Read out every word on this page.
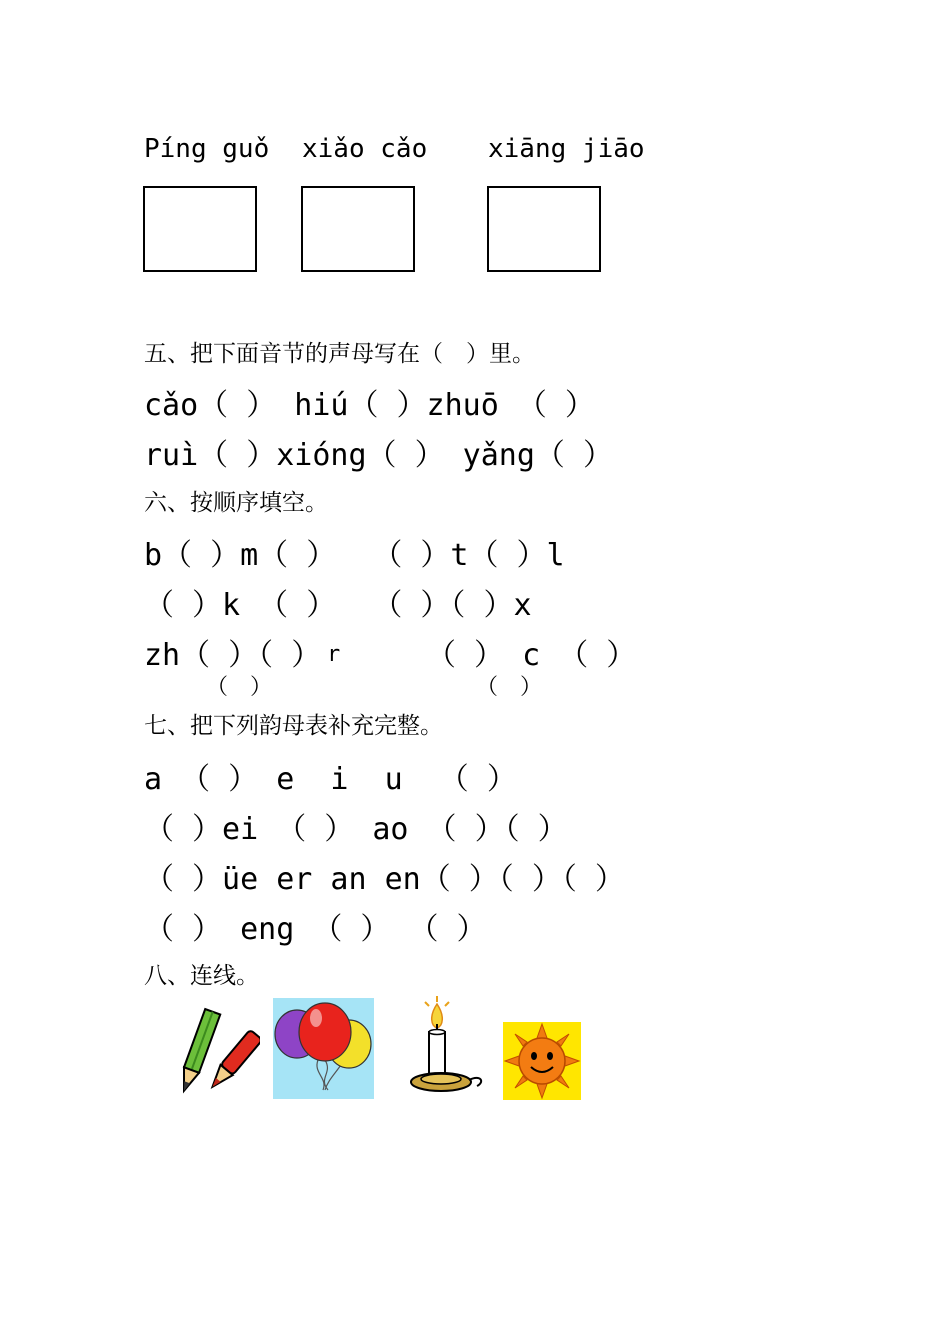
Píng guǒ xiǎo cǎo xiāng jiāo
五、把下面音节的声母写在（　）里。
cǎo（ ） hiú（ ）zhuō （ ）
ruì（ ）xióng（ ） yǎng（ ）
六、按顺序填空。
b（ ）m（ ）  （ ）t（ ）l
（ ）k （ ）  （ ）（ ）x
zh（ ）（ ） r	（ ） c （ ）
（　）	（　）
七、把下列韵母表补充完整。
a （ ） e  i  u  （ ）
（ ）ei （ ） ao （ ）（ ）
（ ）üe er an en（ ）（ ）（ ）
（ ） eng （ ） （ ）
八、连线。
